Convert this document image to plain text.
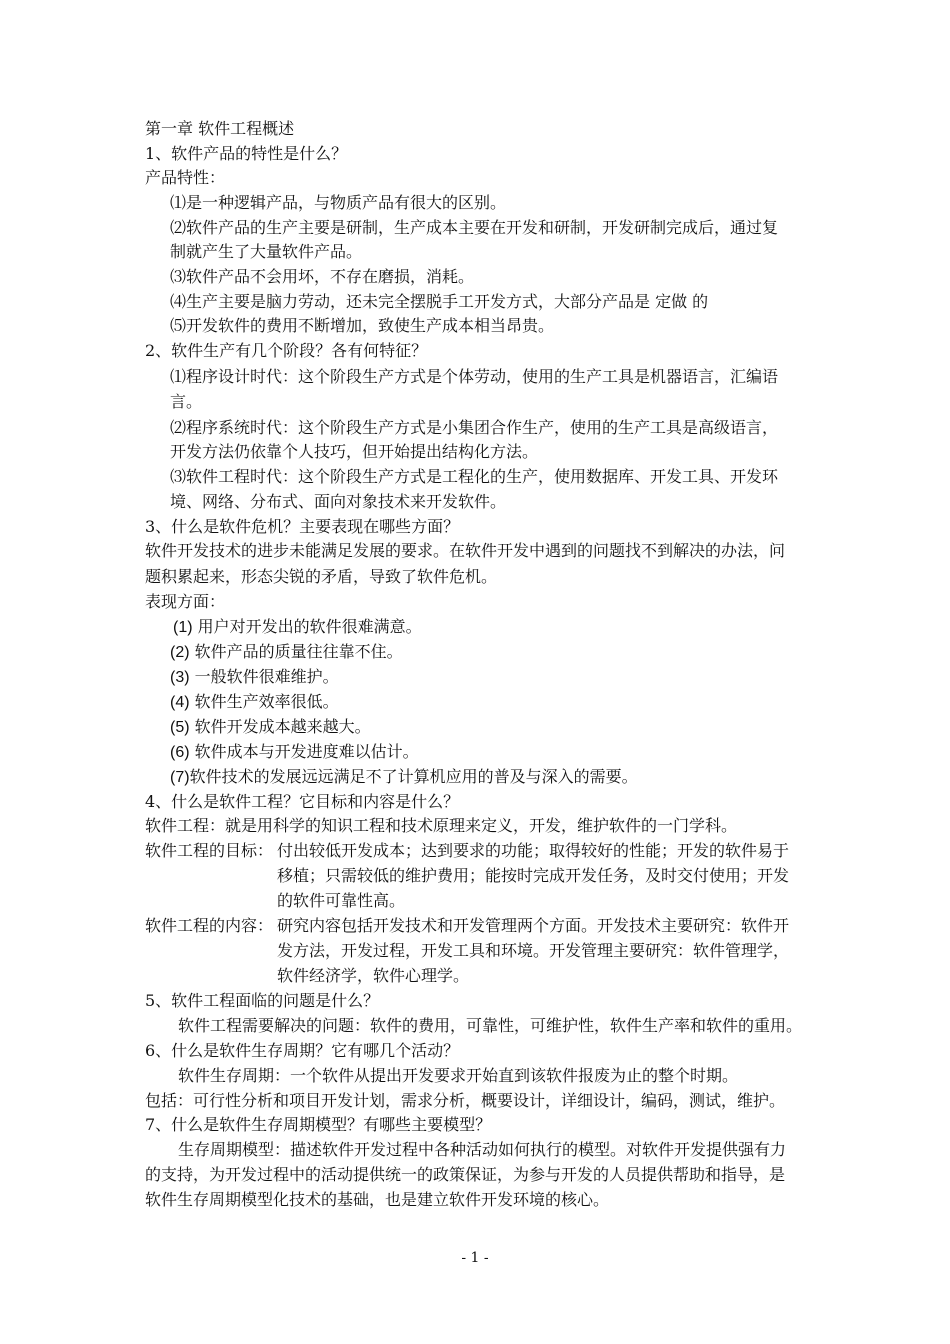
第一章 软件工程概述
1、软件产品的特性是什么？
产品特性：
⑴是一种逻辑产品，与物质产品有很大的区别。
⑵软件产品的生产主要是研制，生产成本主要在开发和研制，开发研制完成后，通过复
制就产生了大量软件产品。
⑶软件产品不会用坏，不存在磨损，消耗。
⑷生产主要是脑力劳动，还未完全摆脱手工开发方式，大部分产品是 定做 的
⑸开发软件的费用不断增加，致使生产成本相当昂贵。
2、软件生产有几个阶段？各有何特征？
⑴程序设计时代：这个阶段生产方式是个体劳动，使用的生产工具是机器语言，汇编语
言。
⑵程序系统时代：这个阶段生产方式是小集团合作生产，使用的生产工具是高级语言，
开发方法仍依靠个人技巧，但开始提出结构化方法。
⑶软件工程时代：这个阶段生产方式是工程化的生产，使用数据库、开发工具、开发环
境、网络、分布式、面向对象技术来开发软件。
3、什么是软件危机？主要表现在哪些方面？
软件开发技术的进步未能满足发展的要求。在软件开发中遇到的问题找不到解决的办法，问
题积累起来，形态尖锐的矛盾，导致了软件危机。
表现方面：
(1) 用户对开发出的软件很难满意。
(2) 软件产品的质量往往靠不住。
(3) 一般软件很难维护。
(4) 软件生产效率很低。
(5) 软件开发成本越来越大。
(6) 软件成本与开发进度难以估计。
(7)软件技术的发展远远满足不了计算机应用的普及与深入的需要。
4、什么是软件工程？它目标和内容是什么？
软件工程：就是用科学的知识工程和技术原理来定义，开发，维护软件的一门学科。
软件工程的目标： 付出较低开发成本；达到要求的功能；取得较好的性能；开发的软件易于
移植；只需较低的维护费用；能按时完成开发任务，及时交付使用；开发
的软件可靠性高。
软件工程的内容： 研究内容包括开发技术和开发管理两个方面。开发技术主要研究：软件开
发方法，开发过程，开发工具和环境。开发管理主要研究：软件管理学，
软件经济学，软件心理学。
5、软件工程面临的问题是什么？
软件工程需要解决的问题：软件的费用，可靠性，可维护性，软件生产率和软件的重用。
6、什么是软件生存周期？它有哪几个活动？
软件生存周期：一个软件从提出开发要求开始直到该软件报废为止的整个时期。
包括：可行性分析和项目开发计划，需求分析，概要设计，详细设计，编码，测试，维护。
7、什么是软件生存周期模型？有哪些主要模型？
生存周期模型：描述软件开发过程中各种活动如何执行的模型。对软件开发提供强有力
的支持，为开发过程中的活动提供统一的政策保证，为参与开发的人员提供帮助和指导，是
软件生存周期模型化技术的基础，也是建立软件开发环境的核心。
- 1 -
